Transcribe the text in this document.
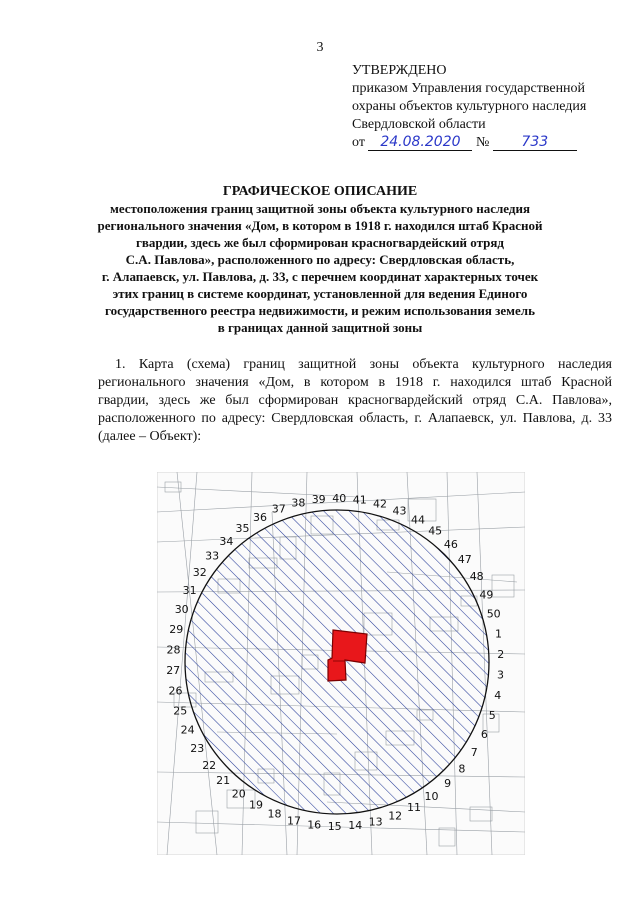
3
УТВЕРЖДЕНО
приказом Управления государственной
охраны объектов культурного наследия
Свердловской области
от 24.08.2020 № 733
ГРАФИЧЕСКОЕ ОПИСАНИЕ
местоположения границ защитной зоны объекта культурного наследия
регионального значения «Дом, в котором в 1918 г. находился штаб Красной
гвардии, здесь же был сформирован красногвардейский отряд
С.А. Павлова», расположенного по адресу: Свердловская область,
г. Алапаевск, ул. Павлова, д. 33, с перечнем координат характерных точек
этих границ в системе координат, установленной для ведения Единого
государственного реестра недвижимости, и режим использования земель
в границах данной защитной зоны
1. Карта (схема) границ защитной зоны объекта культурного наследия
регионального значения «Дом, в котором в 1918 г. находился штаб Красной
гвардии, здесь же был сформирован красногвардейский отряд С.А. Павлова»,
расположенного по адресу: Свердловская область, г. Алапаевск, ул. Павлова, д. 33
(далее – Объект):
1
2
3
4
5
6
7
8
9
10
11
12
13
14
15
16
17
18
19
20
21
22
23
24
25
26
27
28
29
30
31
32
33
34
35
36
37 38 39 40 41 42
43
44
45
46
47
48
49
50
